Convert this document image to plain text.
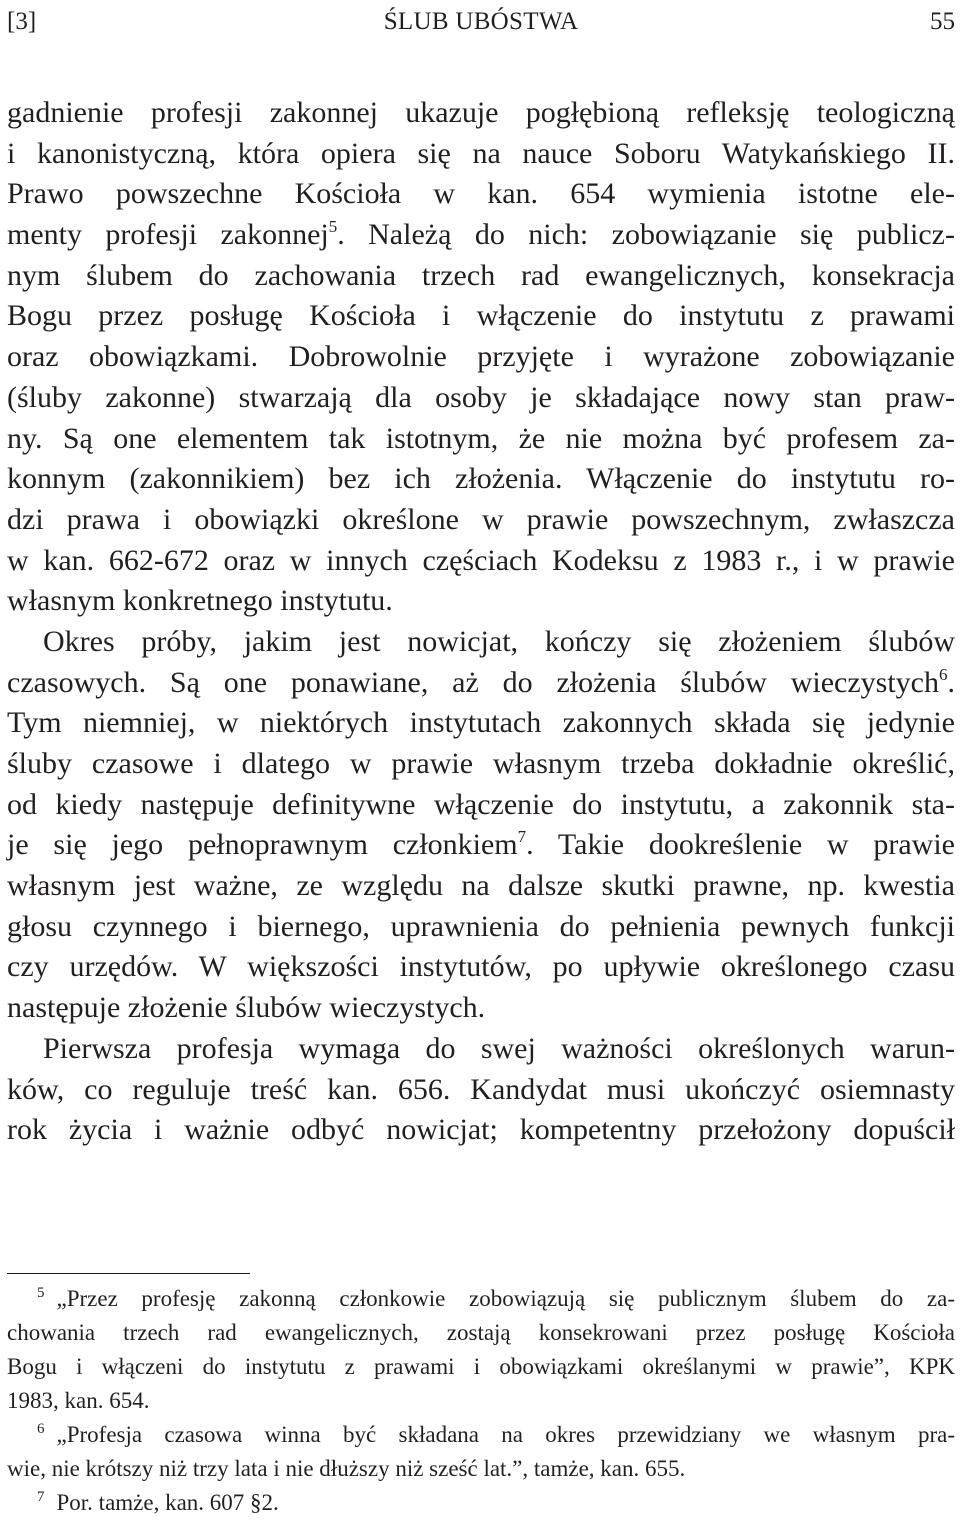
[3]	ŚLUB UBÓSTWA	55
gadnienie profesji zakonnej ukazuje pogłębioną refleksję teologiczną
i kanonistyczną, która opiera się na nauce Soboru Watykańskiego II.
Prawo powszechne Kościoła w kan. 654 wymienia istotne ele-
menty profesji zakonnej$^5$. Należą do nich: zobowiązanie się publicz-
nym ślubem do zachowania trzech rad ewangelicznych, konsekracja
Bogu przez posługę Kościoła i włączenie do instytutu z prawami
oraz obowiązkami. Dobrowolnie przyjęte i wyrażone zobowiązanie
(śluby zakonne) stwarzają dla osoby je składające nowy stan praw-
ny. Są one elementem tak istotnym, że nie można być profesem za-
konnym (zakonnikiem) bez ich złożenia. Włączenie do instytutu ro-
dzi prawa i obowiązki określone w prawie powszechnym, zwłaszcza
w kan. 662-672 oraz w innych częściach Kodeksu z 1983 r., i w prawie
własnym konkretnego instytutu.
Okres próby, jakim jest nowicjat, kończy się złożeniem ślubów
czasowych. Są one ponawiane, aż do złożenia ślubów wieczystych$^6$.
Tym niemniej, w niektórych instytutach zakonnych składa się jedynie
śluby czasowe i dlatego w prawie własnym trzeba dokładnie określić,
od kiedy następuje definitywne włączenie do instytutu, a zakonnik sta-
je się jego pełnoprawnym członkiem$^7$. Takie dookreślenie w prawie
własnym jest ważne, ze względu na dalsze skutki prawne, np. kwestia
głosu czynnego i biernego, uprawnienia do pełnienia pewnych funkcji
czy urzędów. W większości instytutów, po upływie określonego czasu
następuje złożenie ślubów wieczystych.
Pierwsza profesja wymaga do swej ważności określonych warun-
ków, co reguluje treść kan. 656. Kandydat musi ukończyć osiemnasty
rok życia i ważnie odbyć nowicjat; kompetentny przełożony dopuścił
$^5$ „Przez profesję zakonną członkowie zobowiązują się publicznym ślubem do za-
chowania trzech rad ewangelicznych, zostają konsekrowani przez posługę Kościoła
Bogu i włączeni do instytutu z prawami i obowiązkami określanymi w prawie”, KPK
1983, kan. 654.
$^6$ „Profesja czasowa winna być składana na okres przewidziany we własnym pra-
wie, nie krótszy niż trzy lata i nie dłuższy niż sześć lat.”, tamże, kan. 655.
$^7$ Por. tamże, kan. 607 §2.
